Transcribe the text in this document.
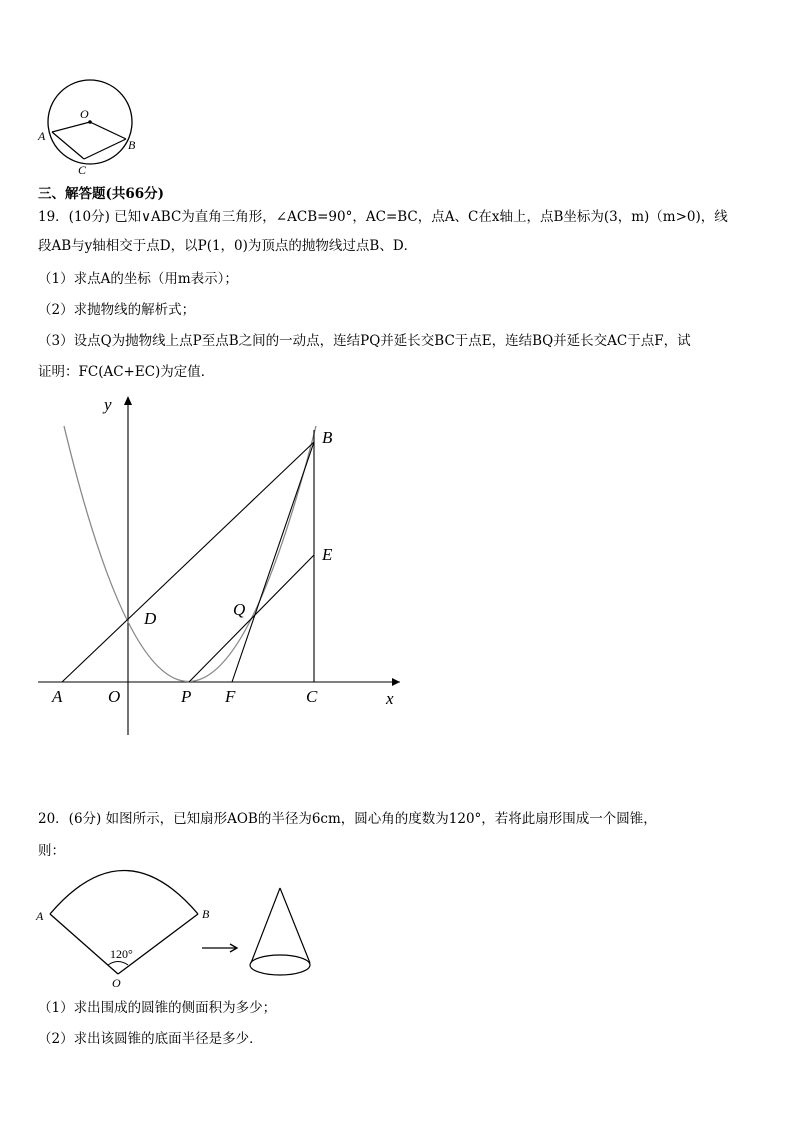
O
A
B
C
三、解答题(共66分)
19．(10分) 已知∨ABC为直角三角形，∠ACB=90°，AC=BC，点A、C在x轴上，点B坐标为(3，m)（m>0)，线
段AB与y轴相交于点D，以P(1，0)为顶点的抛物线过点B、D．
（1）求点A的坐标（用m表示）；
（2）求抛物线的解析式；
（3）设点Q为抛物线上点P至点B之间的一动点，连结PQ并延长交BC于点E，连结BQ并延长交AC于点F，试
证明：FC(AC+EC)为定值．
y
x
B
E
D	Q
A	O	P F	C
20．(6分) 如图所示，已知扇形AOB的半径为6cm，圆心角的度数为120°，若将此扇形围成一个圆锥，
则：
A	B
O
120°
（1）求出围成的圆锥的侧面积为多少；
（2）求出该圆锥的底面半径是多少．
